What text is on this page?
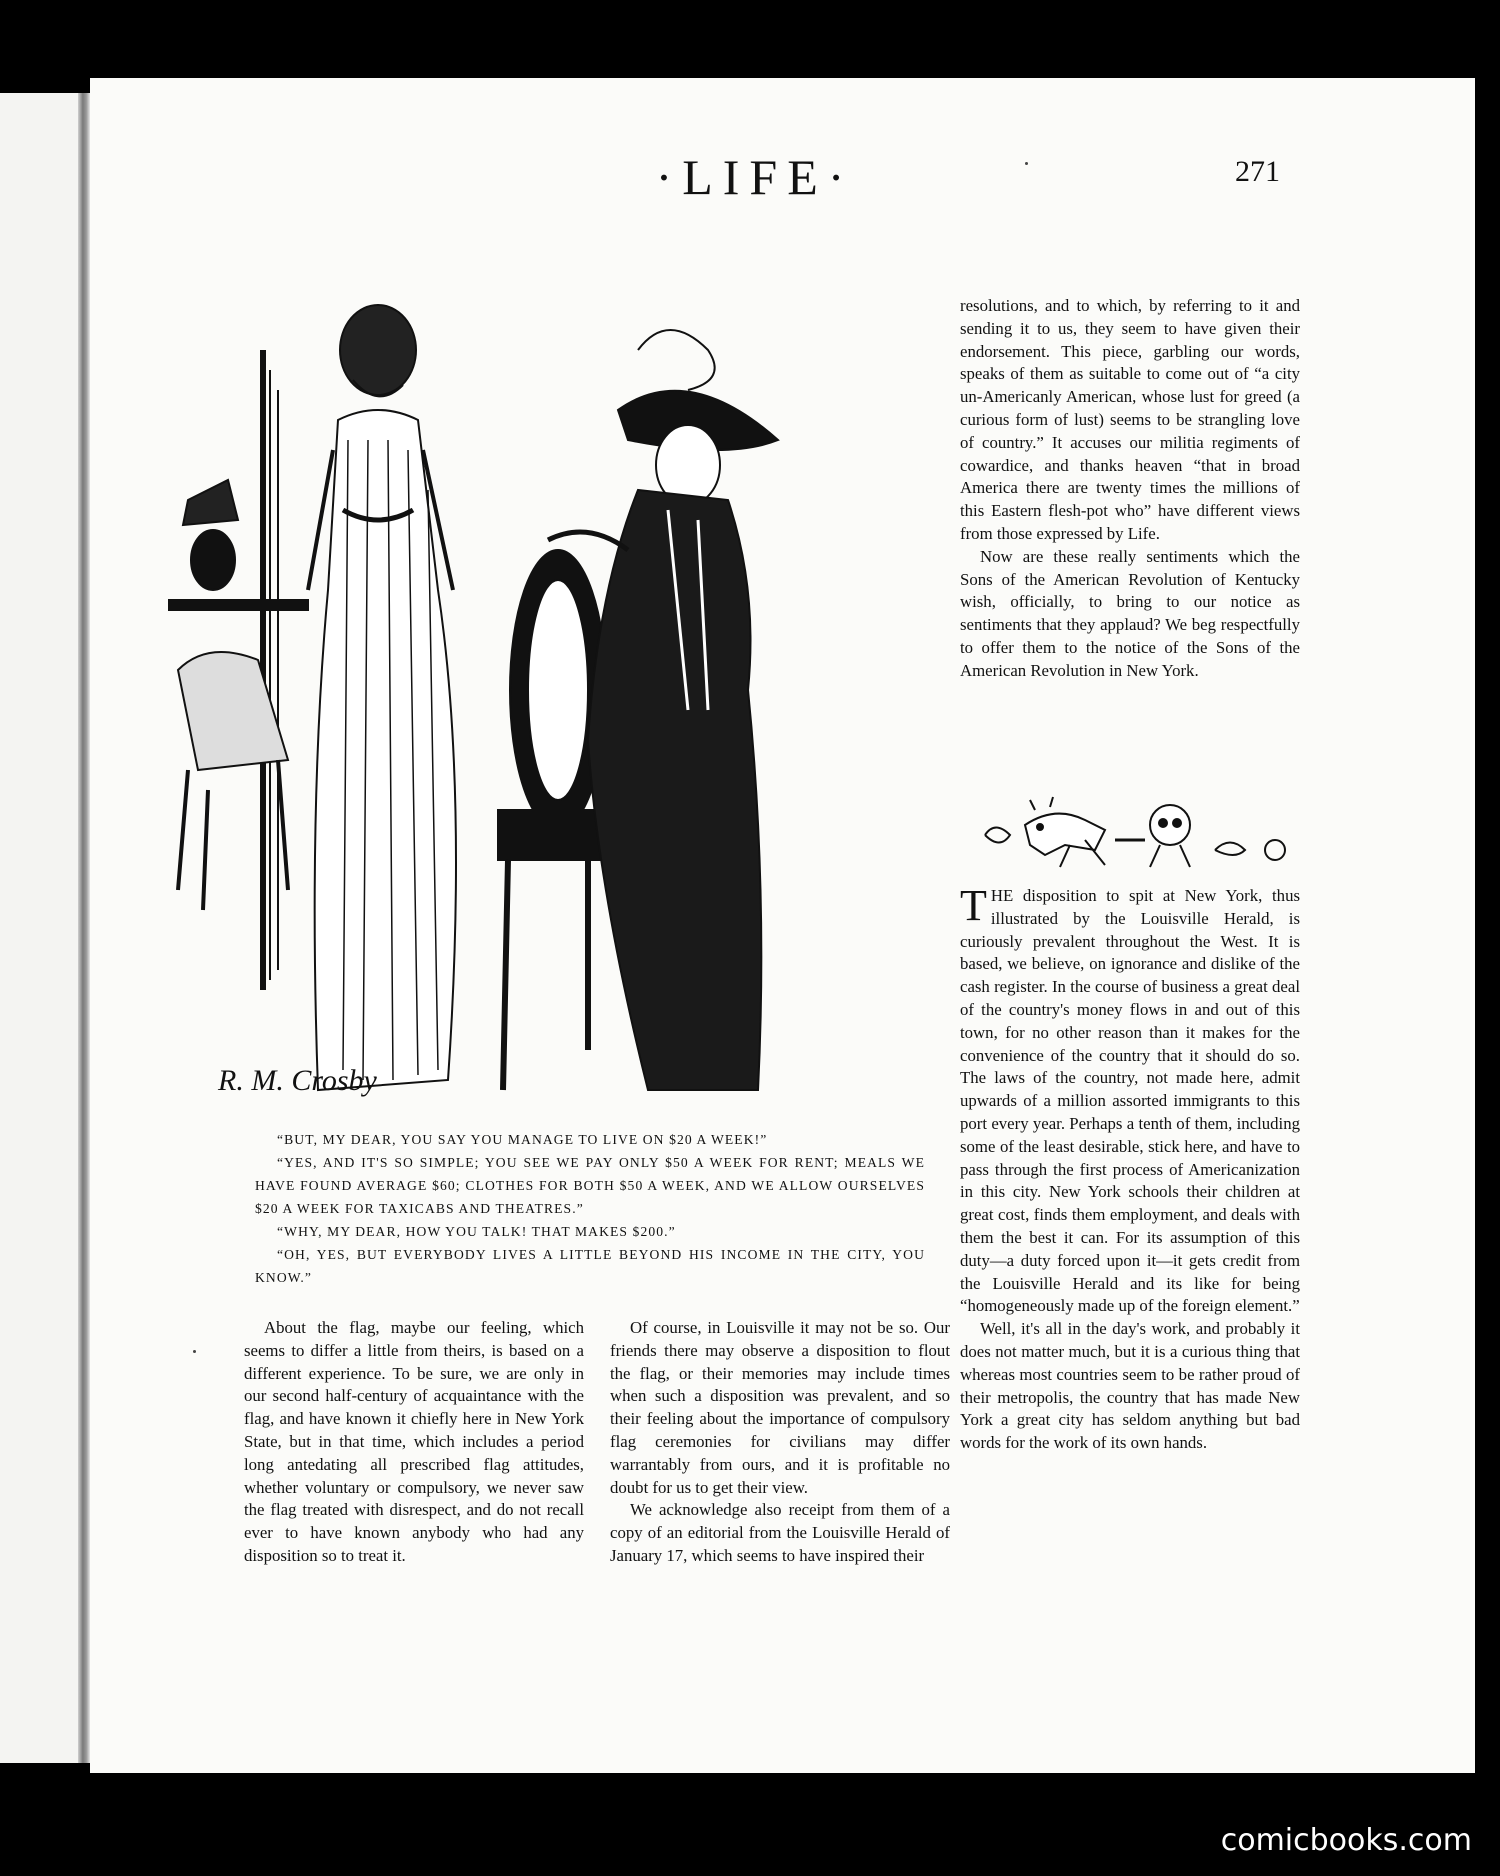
·LIFE·	271
R. M. Crosby

“BUT, MY DEAR, YOU SAY YOU MANAGE TO LIVE ON $20 A WEEK!”

“YES, AND IT'S SO SIMPLE; YOU SEE WE PAY ONLY $50 A WEEK FOR RENT; MEALS WE HAVE FOUND AVERAGE $60; CLOTHES FOR BOTH $50 A WEEK, AND WE ALLOW OURSELVES $20 A WEEK FOR TAXICABS AND THEATRES.”

“WHY, MY DEAR, HOW YOU TALK! THAT MAKES $200.”

“OH, YES, BUT EVERYBODY LIVES A LITTLE BEYOND HIS INCOME IN THE CITY, YOU KNOW.”

About the flag, maybe our feeling, which seems to differ a little from theirs, is based on a different experience. To be sure, we are only in our second half-century of acquaintance with the flag, and have known it chiefly here in New York State, but in that time, which includes a period long antedating all prescribed flag attitudes, whether voluntary or compulsory, we never saw the flag treated with disrespect, and do not recall ever to have known anybody who had any disposition so to treat it.

Of course, in Louisville it may not be so. Our friends there may observe a disposition to flout the flag, or their memories may include times when such a disposition was prevalent, and so their feeling about the importance of compulsory flag ceremonies for civilians may differ warrantably from ours, and it is profitable no doubt for us to get their view.

We acknowledge also receipt from them of a copy of an editorial from the Louisville Herald of January 17, which seems to have inspired their

resolutions, and to which, by referring to it and sending it to us, they seem to have given their endorsement. This piece, garbling our words, speaks of them as suitable to come out of “a city un-Americanly American, whose lust for greed (a curious form of lust) seems to be strangling love of country.” It accuses our militia regiments of cowardice, and thanks heaven “that in broad America there are twenty times the millions of this Eastern flesh-pot who” have different views from those expressed by Life.

Now are these really sentiments which the Sons of the American Revolution of Kentucky wish, officially, to bring to our notice as sentiments that they applaud? We beg respectfully to offer them to the notice of the Sons of the American Revolution in New York.

THE disposition to spit at New York, thus illustrated by the Louisville Herald, is curiously prevalent throughout the West. It is based, we believe, on ignorance and dislike of the cash register. In the course of business a great deal of the country's money flows in and out of this town, for no other reason than it makes for the convenience of the country that it should do so. The laws of the country, not made here, admit upwards of a million assorted immigrants to this port every year. Perhaps a tenth of them, including some of the least desirable, stick here, and have to pass through the first process of Americanization in this city. New York schools their children at great cost, finds them employment, and deals with them the best it can. For its assumption of this duty—a duty forced upon it—it gets credit from the Louisville Herald and its like for being “homogeneously made up of the foreign element.”

Well, it's all in the day's work, and probably it does not matter much, but it is a curious thing that whereas most countries seem to be rather proud of their metropolis, the country that has made New York a great city has seldom anything but bad words for the work of its own hands.

comicbooks.com
